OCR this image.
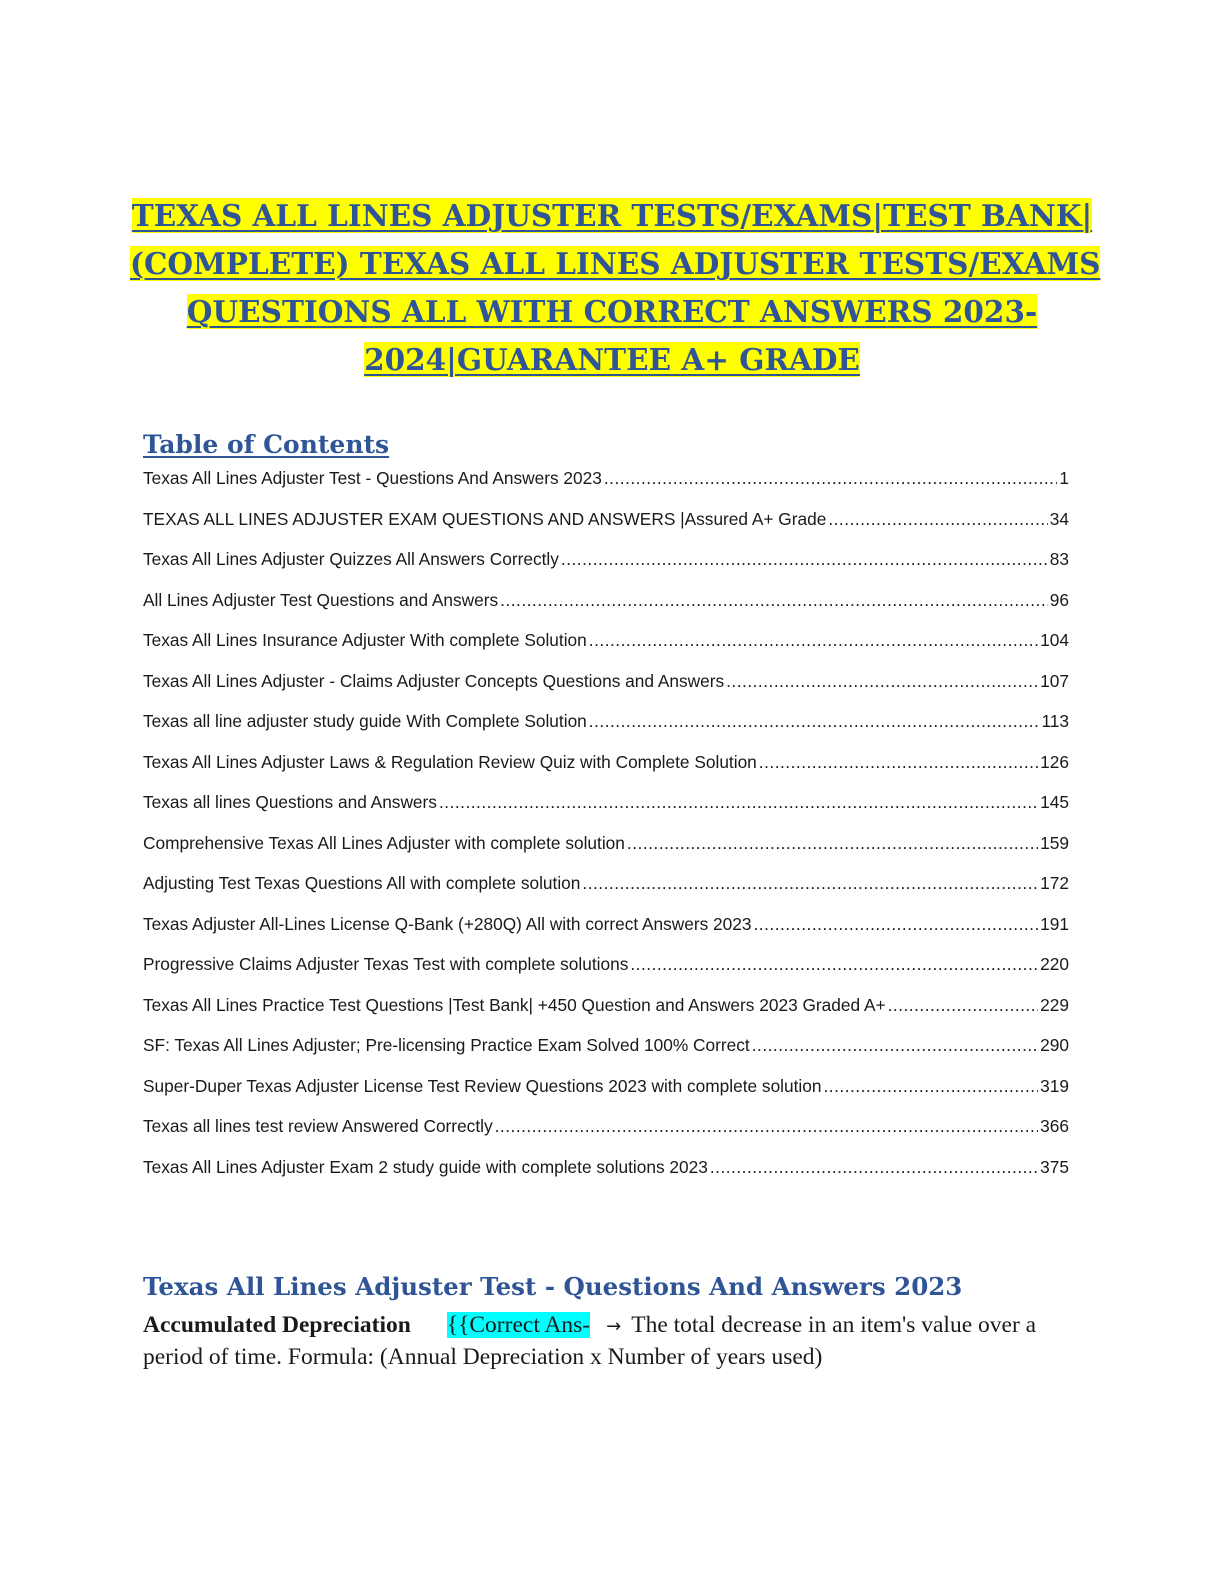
TEXAS ALL LINES ADJUSTER TESTS/EXAMS|TEST BANK|
(COMPLETE) TEXAS ALL LINES ADJUSTER TESTS/EXAMS
QUESTIONS ALL WITH CORRECT ANSWERS 2023-
2024|GUARANTEE A+ GRADE
Table of Contents
Texas All Lines Adjuster Test - Questions And Answers 2023 .....	1
TEXAS ALL LINES ADJUSTER EXAM QUESTIONS AND ANSWERS |Assured A+ Grade .....	34
Texas All Lines Adjuster Quizzes All Answers Correctly .....	83
All Lines Adjuster Test Questions and Answers .....	96
Texas All Lines Insurance Adjuster With complete Solution .....	104
Texas All Lines Adjuster - Claims Adjuster Concepts Questions and Answers .....	107
Texas all line adjuster study guide With Complete Solution .....	113
Texas All Lines Adjuster Laws & Regulation Review Quiz with Complete Solution .....	126
Texas all lines Questions and Answers .....	145
Comprehensive Texas All Lines Adjuster with complete solution .....	159
Adjusting Test Texas Questions All with complete solution .....	172
Texas Adjuster All-Lines License Q-Bank (+280Q) All with correct Answers 2023 .....	191
Progressive Claims Adjuster Texas Test with complete solutions .....	220
Texas All Lines Practice Test Questions |Test Bank| +450 Question and Answers 2023 Graded A+ .....	229
SF: Texas All Lines Adjuster; Pre-licensing Practice Exam Solved 100% Correct .....	290
Super-Duper Texas Adjuster License Test Review Questions 2023 with complete solution .....	319
Texas all lines test review Answered Correctly .....	366
Texas All Lines Adjuster Exam 2 study guide with complete solutions 2023 .....	375
Texas All Lines Adjuster Test - Questions And Answers 2023
Accumulated Depreciation {{Correct Ans- → The total decrease in an item's value over a period of time. Formula: (Annual Depreciation x Number of years used)
